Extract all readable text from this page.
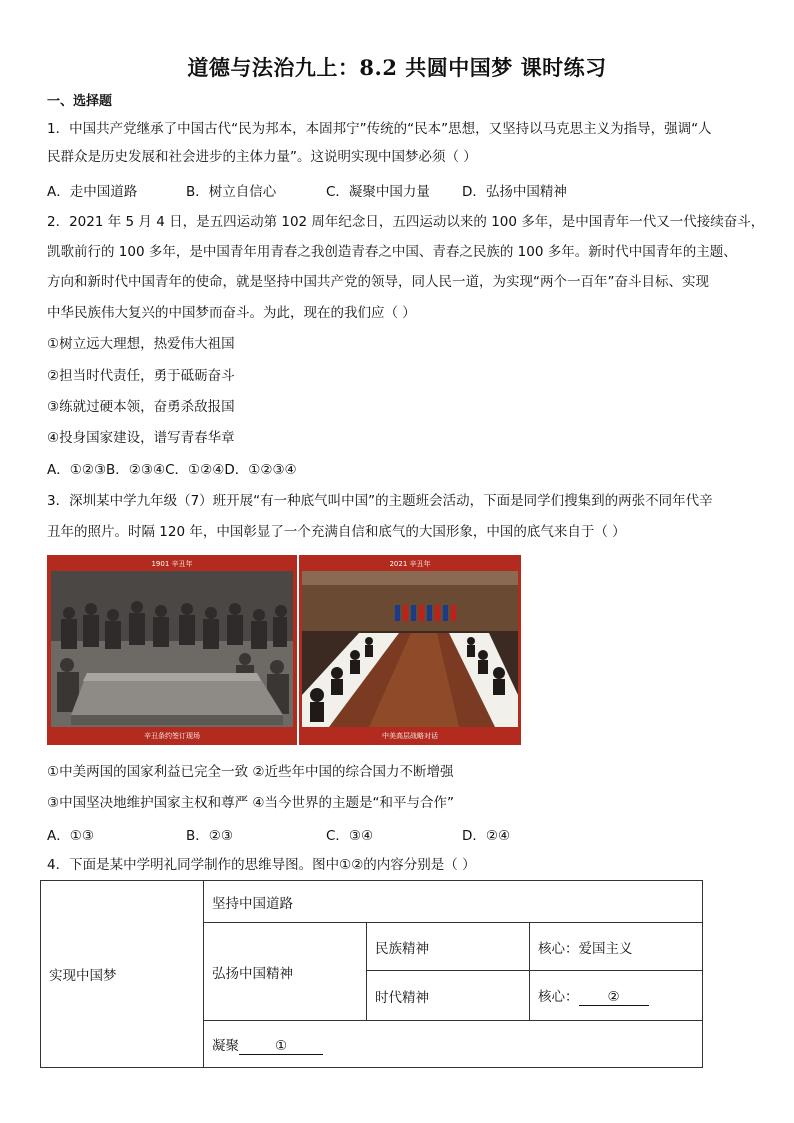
道德与法治九上：8.2 共圆中国梦 课时练习
一、选择题
1．中国共产党继承了中国古代“民为邦本，本固邦宁”传统的“民本”思想，又坚持以马克思主义为指导，强调“人
民群众是历史发展和社会进步的主体力量”。这说明实现中国梦必须（ ）
A．走中国道路	B．树立自信心	C．凝聚中国力量 D．弘扬中国精神
2．2021 年 5 月 4 日，是五四运动第 102 周年纪念日，五四运动以来的 100 多年，是中国青年一代又一代接续奋斗，
凯歌前行的 100 多年，是中国青年用青春之我创造青春之中国、青春之民族的 100 多年。新时代中国青年的主题、
方向和新时代中国青年的使命，就是坚持中国共产党的领导，同人民一道，为实现“两个一百年”奋斗目标、实现
中华民族伟大复兴的中国梦而奋斗。为此，现在的我们应（ ）
①树立远大理想，热爱伟大祖国
②担当时代责任，勇于砥砺奋斗
③练就过硬本领，奋勇杀敌报国
④投身国家建设，谱写青春华章
A．①②③B．②③④C．①②④D．①②③④
3．深圳某中学九年级（7）班开展“有一种底气叫中国”的主题班会活动，下面是同学们搜集到的两张不同年代辛
丑年的照片。时隔 120 年，中国彰显了一个充满自信和底气的大国形象，中国的底气来自于（ ）
1901 辛丑年
辛丑条约签订现场
2021 辛丑年
中美高层战略对话
①中美两国的国家利益已完全一致 ②近些年中国的综合国力不断增强
③中国坚决地维护国家主权和尊严 ④当今世界的主题是“和平与合作”
A．①③	B．②③	C．③④	D．②④
4．下面是某中学明礼同学制作的思维导图。图中①②的内容分别是（ ）
实现中国梦	坚持中国道路		
	弘扬中国精神	民族精神	核心：爱国主义
		时代精神	核心： ②
	凝聚 ①		
